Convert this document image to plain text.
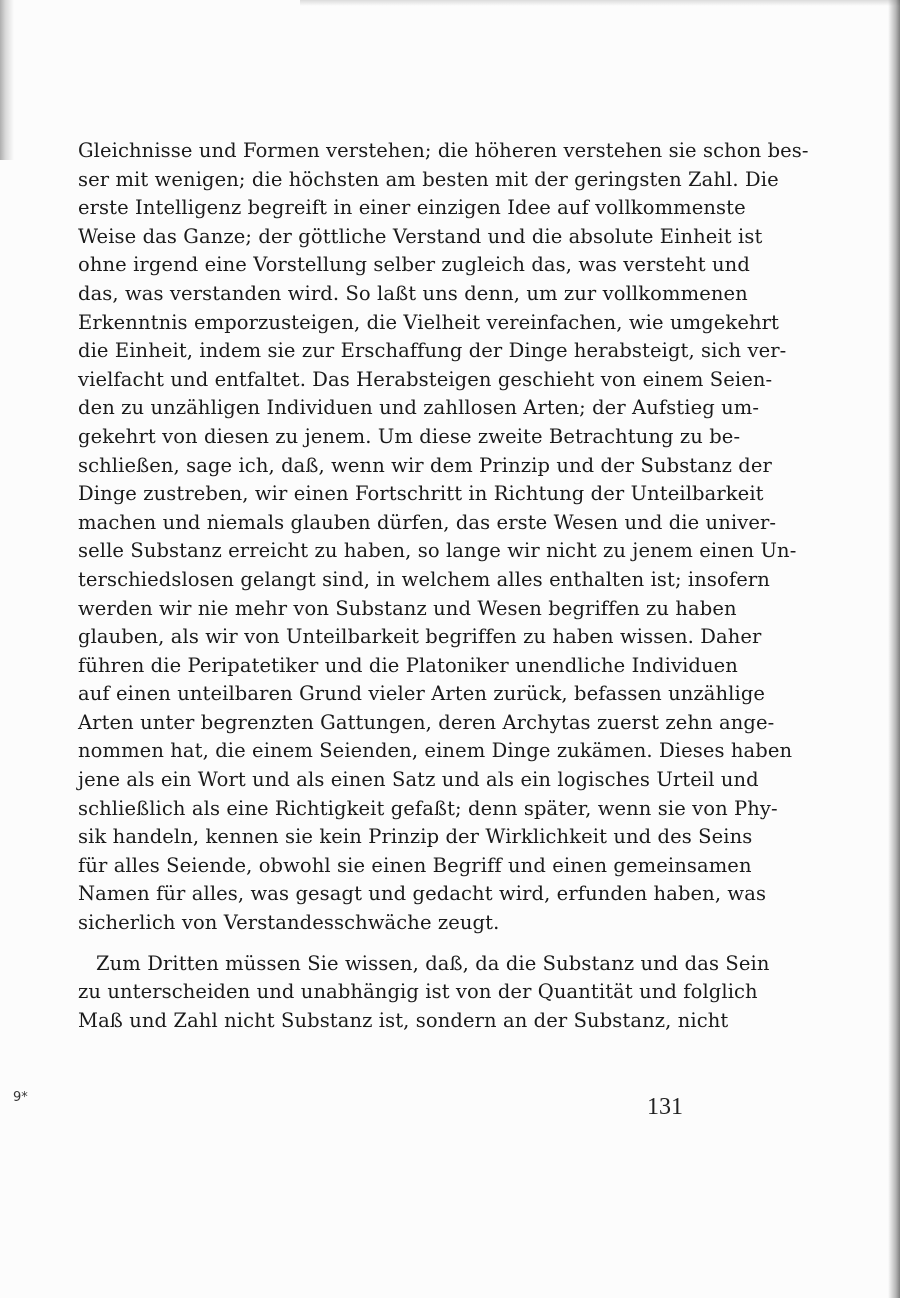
Gleichnisse und Formen verstehen; die höheren verstehen sie schon bes-
ser mit wenigen; die höchsten am besten mit der geringsten Zahl. Die
erste Intelligenz begreift in einer einzigen Idee auf vollkommenste
Weise das Ganze; der göttliche Verstand und die absolute Einheit ist
ohne irgend eine Vorstellung selber zugleich das, was versteht und
das, was verstanden wird. So laßt uns denn, um zur vollkommenen
Erkenntnis emporzusteigen, die Vielheit vereinfachen, wie umgekehrt
die Einheit, indem sie zur Erschaffung der Dinge herabsteigt, sich ver-
vielfacht und entfaltet. Das Herabsteigen geschieht von einem Seien-
den zu unzähligen Individuen und zahllosen Arten; der Aufstieg um-
gekehrt von diesen zu jenem. Um diese zweite Betrachtung zu be-
schließen, sage ich, daß, wenn wir dem Prinzip und der Substanz der
Dinge zustreben, wir einen Fortschritt in Richtung der Unteilbarkeit
machen und niemals glauben dürfen, das erste Wesen und die univer-
selle Substanz erreicht zu haben, so lange wir nicht zu jenem einen Un-
terschiedslosen gelangt sind, in welchem alles enthalten ist; insofern
werden wir nie mehr von Substanz und Wesen begriffen zu haben
glauben, als wir von Unteilbarkeit begriffen zu haben wissen. Daher
führen die Peripatetiker und die Platoniker unendliche Individuen
auf einen unteilbaren Grund vieler Arten zurück, befassen unzählige
Arten unter begrenzten Gattungen, deren Archytas zuerst zehn ange-
nommen hat, die einem Seienden, einem Dinge zukämen. Dieses haben
jene als ein Wort und als einen Satz und als ein logisches Urteil und
schließlich als eine Richtigkeit gefaßt; denn später, wenn sie von Phy-
sik handeln, kennen sie kein Prinzip der Wirklichkeit und des Seins
für alles Seiende, obwohl sie einen Begriff und einen gemeinsamen
Namen für alles, was gesagt und gedacht wird, erfunden haben, was
sicherlich von Verstandesschwäche zeugt.
Zum Dritten müssen Sie wissen, daß, da die Substanz und das Sein
zu unterscheiden und unabhängig ist von der Quantität und folglich
Maß und Zahl nicht Substanz ist, sondern an der Substanz, nicht
9*	131
